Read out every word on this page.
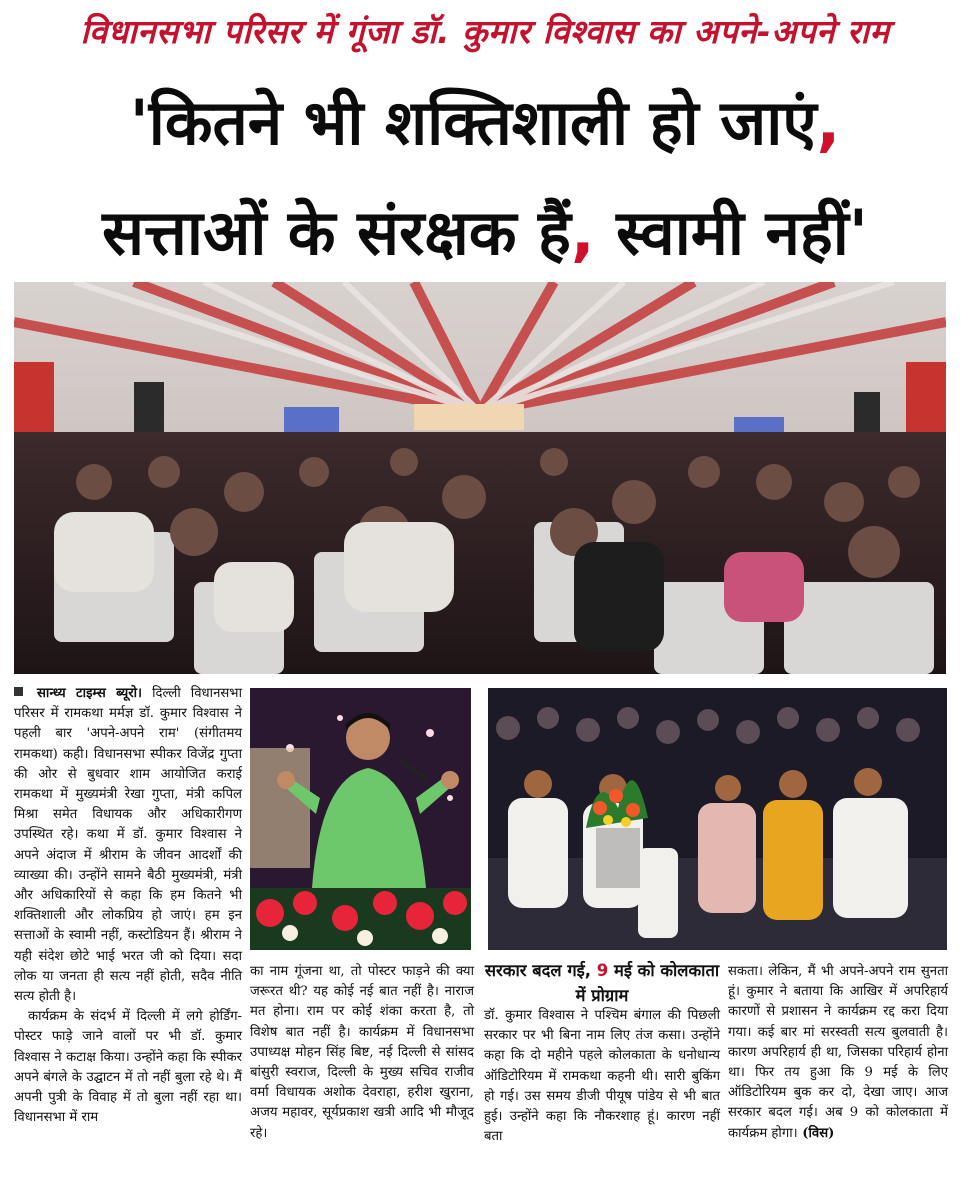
विधानसभा परिसर में गूंजा डॉ. कुमार विश्वास का अपने-अपने राम
'कितने भी शक्तिशाली हो जाएं,
सत्ताओं के संरक्षक हैं, स्वामी नहीं'

सान्ध्य टाइम्स ब्यूरो। दिल्ली विधानसभा परिसर में रामकथा मर्मज्ञ डॉ. कुमार विश्वास ने पहली बार 'अपने-अपने राम' (संगीतमय रामकथा) कही। विधानसभा स्पीकर विजेंद्र गुप्ता की ओर से बुधवार शाम आयोजित कराई रामकथा में मुख्यमंत्री रेखा गुप्ता, मंत्री कपिल मिश्रा समेत विधायक और अधिकारीगण उपस्थित रहे। कथा में डॉ. कुमार विश्वास ने अपने अंदाज में श्रीराम के जीवन आदर्शों की व्याख्या की। उन्होंने सामने बैठी मुख्यमंत्री, मंत्री और अधिकारियों से कहा कि हम कितने भी शक्तिशाली और लोकप्रिय हो जाएं। हम इन सत्ताओं के स्वामी नहीं, कस्टोडियन हैं। श्रीराम ने यही संदेश छोटे भाई भरत जी को दिया। सदा लोक या जनता ही सत्य नहीं होती, सदैव नीति सत्य होती है।

कार्यक्रम के संदर्भ में दिल्ली में लगे होर्डिंग-पोस्टर फाड़े जाने वालों पर भी डॉ. कुमार विश्वास ने कटाक्ष किया। उन्होंने कहा कि स्पीकर अपने बंगले के उद्घाटन में तो नहीं बुला रहे थे। मैं अपनी पुत्री के विवाह में तो बुला नहीं रहा था। विधानसभा में राम

का नाम गूंजना था, तो पोस्टर फाड़ने की क्या जरूरत थी? यह कोई नई बात नहीं है। नाराज मत होना। राम पर कोई शंका करता है, तो विशेष बात नहीं है। कार्यक्रम में विधानसभा उपाध्यक्ष मोहन सिंह बिष्ट, नई दिल्ली से सांसद बांसुरी स्वराज, दिल्ली के मुख्य सचिव राजीव वर्मा विधायक अशोक देवराहा, हरीश खुराना, अजय महावर, सूर्यप्रकाश खत्री आदि भी मौजूद रहे।

सरकार बदल गई, 9 मई को कोलकाता में प्रोग्राम

डॉ. कुमार विश्वास ने पश्चिम बंगाल की पिछली सरकार पर भी बिना नाम लिए तंज कसा। उन्होंने कहा कि दो महीने पहले कोलकाता के धनोधान्य ऑडिटोरियम में रामकथा कहनी थी। सारी बुकिंग हो गई। उस समय डीजी पीयूष पांडेय से भी बात हुई। उन्होंने कहा कि नौकरशाह हूं। कारण नहीं बता

सकता। लेकिन, मैं भी अपने-अपने राम सुनता हूं। कुमार ने बताया कि आखिर में अपरिहार्य कारणों से प्रशासन ने कार्यक्रम रद्द करा दिया गया। कई बार मां सरस्वती सत्य बुलवाती है। कारण अपरिहार्य ही था, जिसका परिहार्य होना था। फिर तय हुआ कि 9 मई के लिए ऑडिटोरियम बुक कर दो, देखा जाए। आज सरकार बदल गई। अब 9 को कोलकाता में कार्यक्रम होगा। (विस)
